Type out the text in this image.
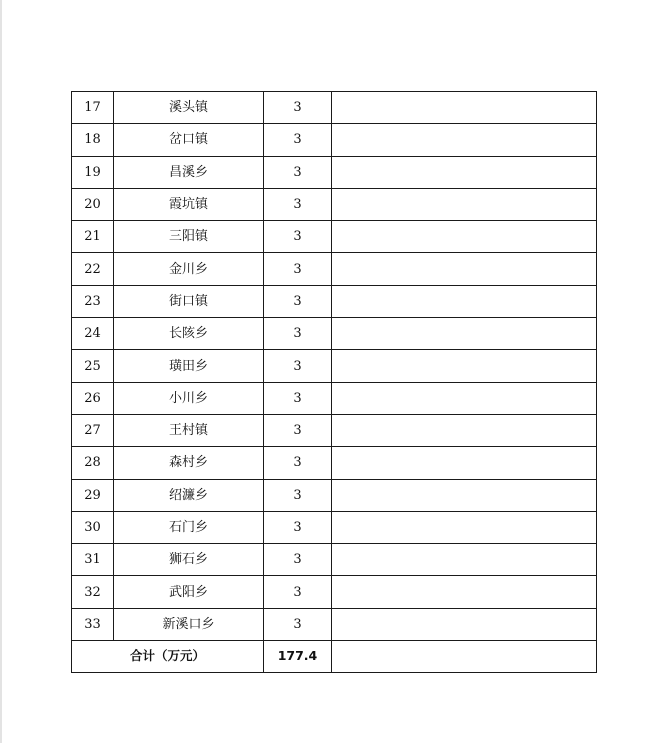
17	溪头镇	3	
18	岔口镇	3	
19	昌溪乡	3	
20	霞坑镇	3	
21	三阳镇	3	
22	金川乡	3	
23	街口镇	3	
24	长陔乡	3	
25	璜田乡	3	
26	小川乡	3	
27	王村镇	3	
28	森村乡	3	
29	绍濂乡	3	
30	石门乡	3	
31	狮石乡	3	
32	武阳乡	3	
33	新溪口乡	3	
合计（万元）		177.4	
